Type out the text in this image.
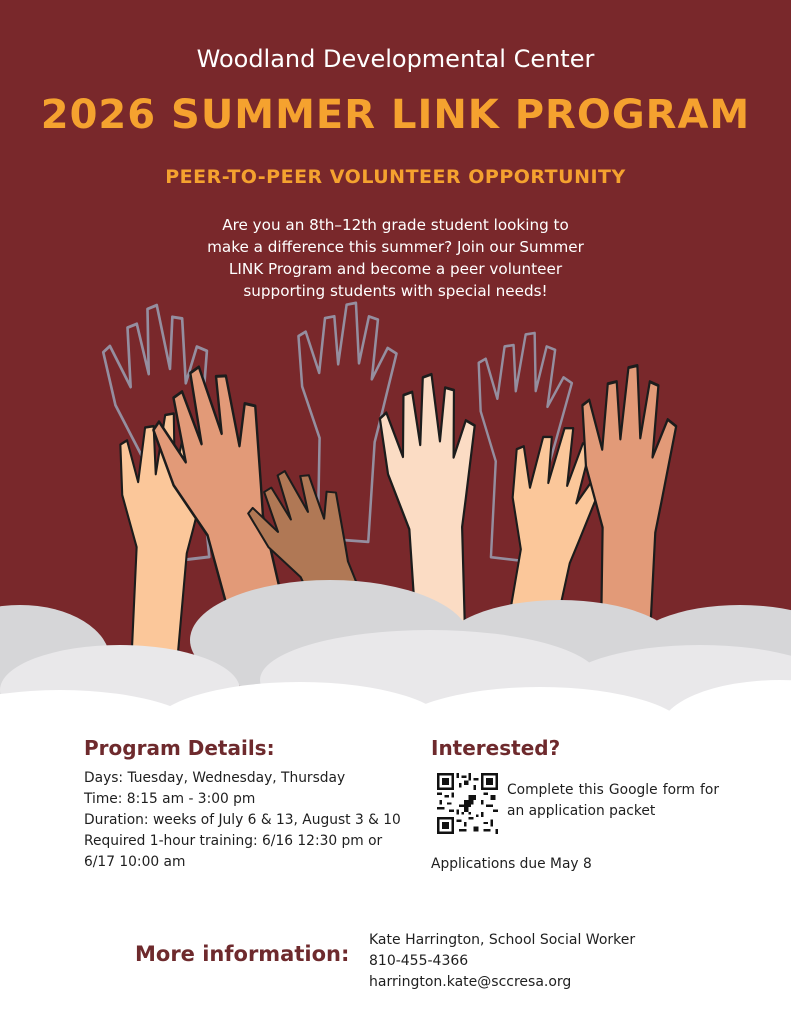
Woodland Developmental Center
2026 SUMMER LINK PROGRAM
PEER-TO-PEER VOLUNTEER OPPORTUNITY
Are you an 8th–12th grade student looking to
make a difference this summer? Join our Summer
LINK Program and become a peer volunteer
supporting students with special needs!
Program Details:
Days: Tuesday, Wednesday, Thursday
Time: 8:15 am - 3:00 pm
Duration: weeks of July 6 & 13, August 3 & 10
Required 1-hour training: 6/16 12:30 pm or
6/17 10:00 am
Interested?
Complete this Google form for an application packet
Applications due May 8
More information:
Kate Harrington, School Social Worker
810-455-4366
harrington.kate@sccresa.org
